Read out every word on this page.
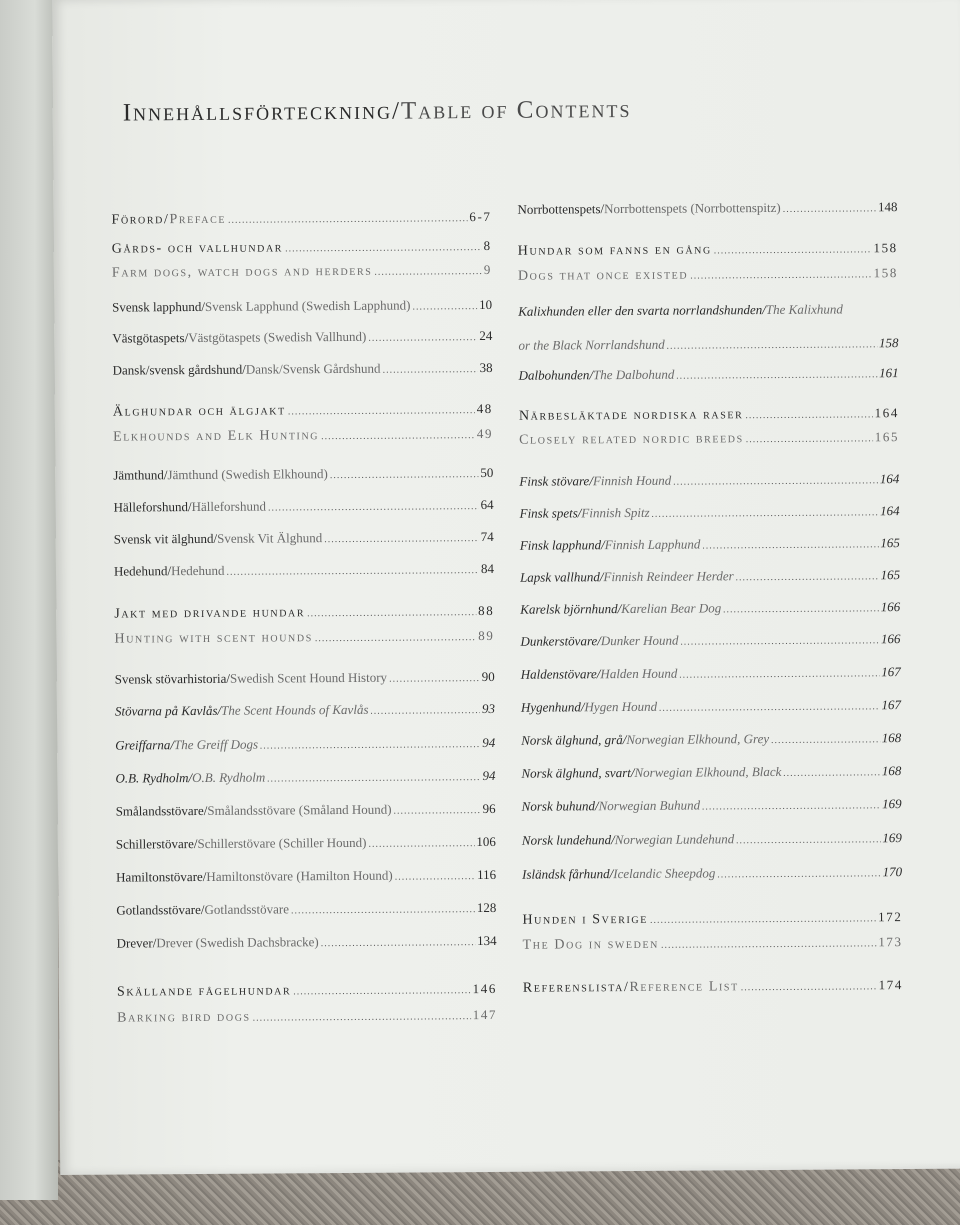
Innehållsförteckning/Table of Contents
Förord/Preface .....	6-7
Gårds- och vallhundar .....	8
Farm dogs, watch dogs and herders .....	9
Svensk lapphund/Svensk Lapphund (Swedish Lapphund) .....	10
Västgötaspets/Västgötaspets (Swedish Vallhund) .....	24
Dansk/svensk gårdshund/Dansk/Svensk Gårdshund .....	38
Älghundar och älgjakt .....	48
Elkhounds and Elk Hunting .....	49
Jämthund/Jämthund (Swedish Elkhound) .....	50
Hälleforshund/Hälleforshund .....	64
Svensk vit älghund/Svensk Vit Älghund .....	74
Hedehund/Hedehund .....	84
Jakt med drivande hundar .....	88
Hunting with scent hounds .....	89
Svensk stövarhistoria/Swedish Scent Hound History .....	90
Stövarna på Kavlås/The Scent Hounds of Kavlås .....	93
Greiffarna/The Greiff Dogs .....	94
O.B. Rydholm/O.B. Rydholm .....	94
Smålandsstövare/Smålandsstövare (Småland Hound) .....	96
Schillerstövare/Schillerstövare (Schiller Hound) .....	106
Hamiltonstövare/Hamiltonstövare (Hamilton Hound) .....	116
Gotlandsstövare/Gotlandsstövare .....	128
Drever/Drever (Swedish Dachsbracke) .....	134
Skällande fågelhundar .....	146
Barking bird dogs .....	147
Norrbottenspets/Norrbottenspets (Norrbottenspitz) .....	148
Hundar som fanns en gång .....	158
Dogs that once existed .....	158
Kalixhunden eller den svarta norrlandshunden/The Kalixhund
or the Black Norrlandshund .....	158
Dalbohunden/The Dalbohund .....	161
Närbesläktade nordiska raser .....	164
Closely related nordic breeds .....	165
Finsk stövare/Finnish Hound .....	164
Finsk spets/Finnish Spitz .....	164
Finsk lapphund/Finnish Lapphund .....	165
Lapsk vallhund/Finnish Reindeer Herder .....	165
Karelsk björnhund/Karelian Bear Dog .....	166
Dunkerstövare/Dunker Hound .....	166
Haldenstövare/Halden Hound .....	167
Hygenhund/Hygen Hound .....	167
Norsk älghund, grå/Norwegian Elkhound, Grey .....	168
Norsk älghund, svart/Norwegian Elkhound, Black .....	168
Norsk buhund/Norwegian Buhund .....	169
Norsk lundehund/Norwegian Lundehund .....	169
Isländsk fårhund/Icelandic Sheepdog .....	170
Hunden i Sverige .....	172
The Dog in sweden .....	173
Referenslista/Reference List .....	174
